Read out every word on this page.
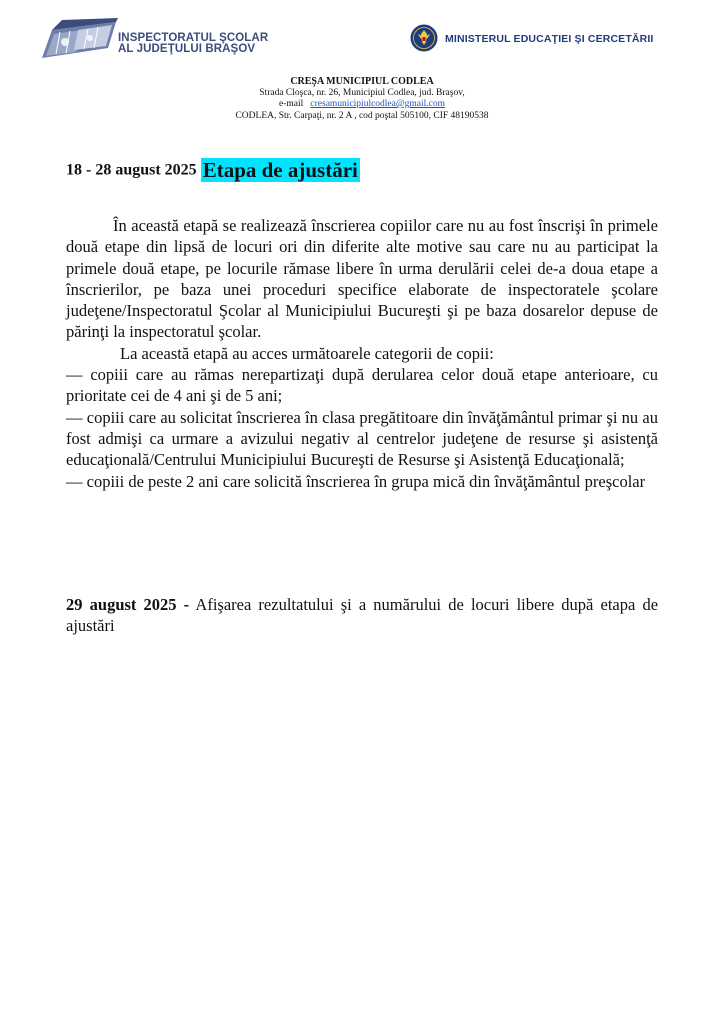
INSPECTORATUL ŞCOLAR
AL JUDEŢULUI BRAŞOV
MINISTERUL EDUCAŢIEI ŞI CERCETĂRII
CREŞA MUNICIPIUL CODLEA
Strada Cloşca, nr. 26, Municipiul Codlea, jud. Braşov,
e-mail cresamunicipiulcodlea@gmail.com
CODLEA, Str. Carpaţi, nr. 2 A , cod poştal 505100, CIF 48190538
18 - 28 august 2025 Etapa de ajustări

În această etapă se realizează înscrierea copiilor care nu au fost înscrişi în primele două etape din lipsă de locuri ori din diferite alte motive sau care nu au participat la primele două etape, pe locurile rămase libere în urma derulării celei de-a doua etape a înscrierilor, pe baza unei proceduri specifice elaborate de inspectoratele şcolare judeţene/Inspectoratul Şcolar al Municipiului Bucureşti şi pe baza dosarelor depuse de părinţi la inspectoratul şcolar.

La această etapă au acces următoarele categorii de copii:

— copiii care au rămas nerepartizaţi după derularea celor două etape anterioare, cu prioritate cei de 4 ani şi de 5 ani;

— copiii care au solicitat înscrierea în clasa pregătitoare din învăţământul primar şi nu au fost admişi ca urmare a avizului negativ al centrelor judeţene de resurse şi asistenţă educaţională/Centrului Municipiului Bucureşti de Resurse şi Asistenţă Educaţională;

— copiii de peste 2 ani care solicită înscrierea în grupa mică din învăţământul preşcolar

29 august 2025 - Afişarea rezultatului şi a numărului de locuri libere după etapa de ajustări
